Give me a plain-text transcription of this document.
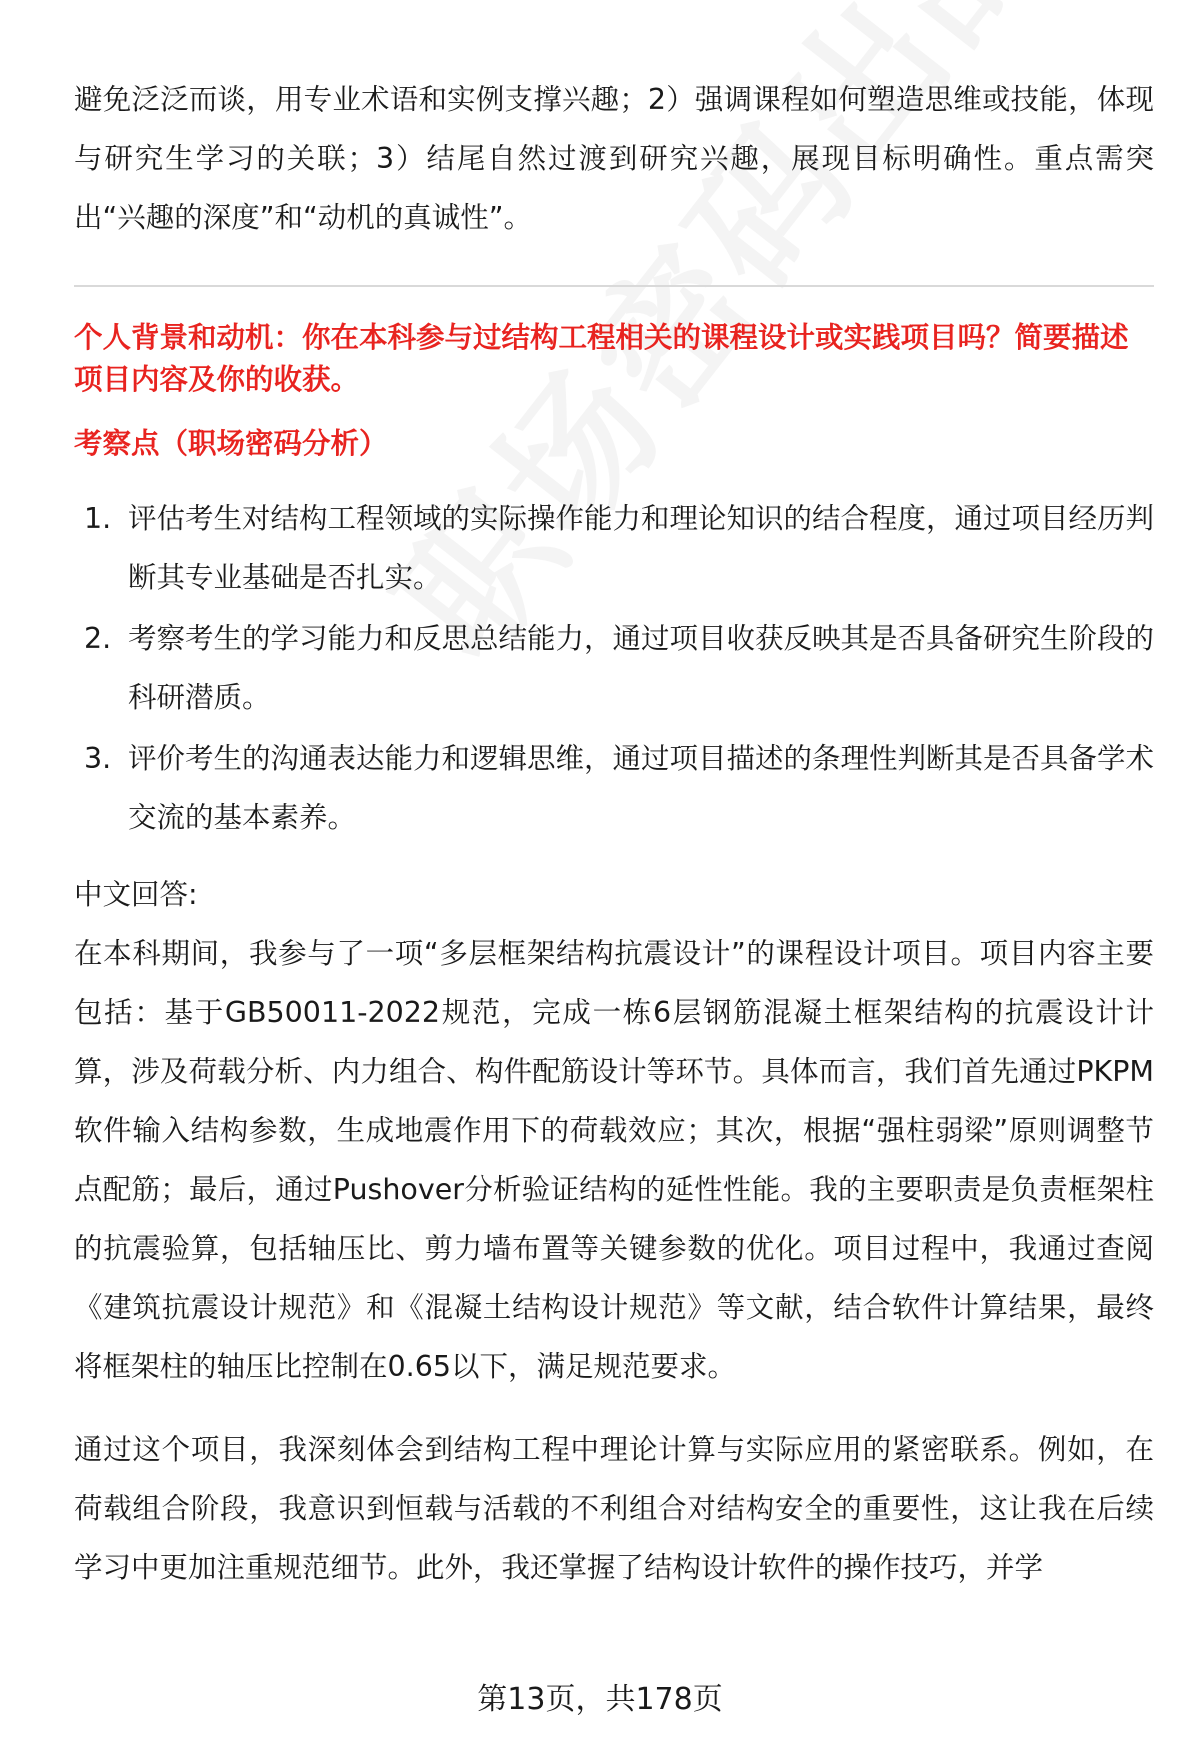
避免泛泛而谈，用专业术语和实例支撑兴趣；2）强调课程如何塑造思维或技能，体现与研究生学习的关联；3）结尾自然过渡到研究兴趣，展现目标明确性。重点需突出“兴趣的深度”和“动机的真诚性”。

个人背景和动机：你在本科参与过结构工程相关的课程设计或实践项目吗？简要描述项目内容及你的收获。

考察点（职场密码分析）

1. 评估考生对结构工程领域的实际操作能力和理论知识的结合程度，通过项目经历判断其专业基础是否扎实。
2. 考察考生的学习能力和反思总结能力，通过项目收获反映其是否具备研究生阶段的科研潜质。
3. 评价考生的沟通表达能力和逻辑思维，通过项目描述的条理性判断其是否具备学术交流的基本素养。

中文回答:

在本科期间，我参与了一项“多层框架结构抗震设计”的课程设计项目。项目内容主要包括：基于GB50011-2022规范，完成一栋6层钢筋混凝土框架结构的抗震设计计算，涉及荷载分析、内力组合、构件配筋设计等环节。具体而言，我们首先通过PKPM软件输入结构参数，生成地震作用下的荷载效应；其次，根据“强柱弱梁”原则调整节点配筋；最后，通过Pushover分析验证结构的延性性能。我的主要职责是负责框架柱的抗震验算，包括轴压比、剪力墙布置等关键参数的优化。项目过程中，我通过查阅《建筑抗震设计规范》和《混凝土结构设计规范》等文献，结合软件计算结果，最终将框架柱的轴压比控制在0.65以下，满足规范要求。

通过这个项目，我深刻体会到结构工程中理论计算与实际应用的紧密联系。例如，在荷载组合阶段，我意识到恒载与活载的不利组合对结构安全的重要性，这让我在后续学习中更加注重规范细节。此外，我还掌握了结构设计软件的操作技巧，并学

第13页，共178页
